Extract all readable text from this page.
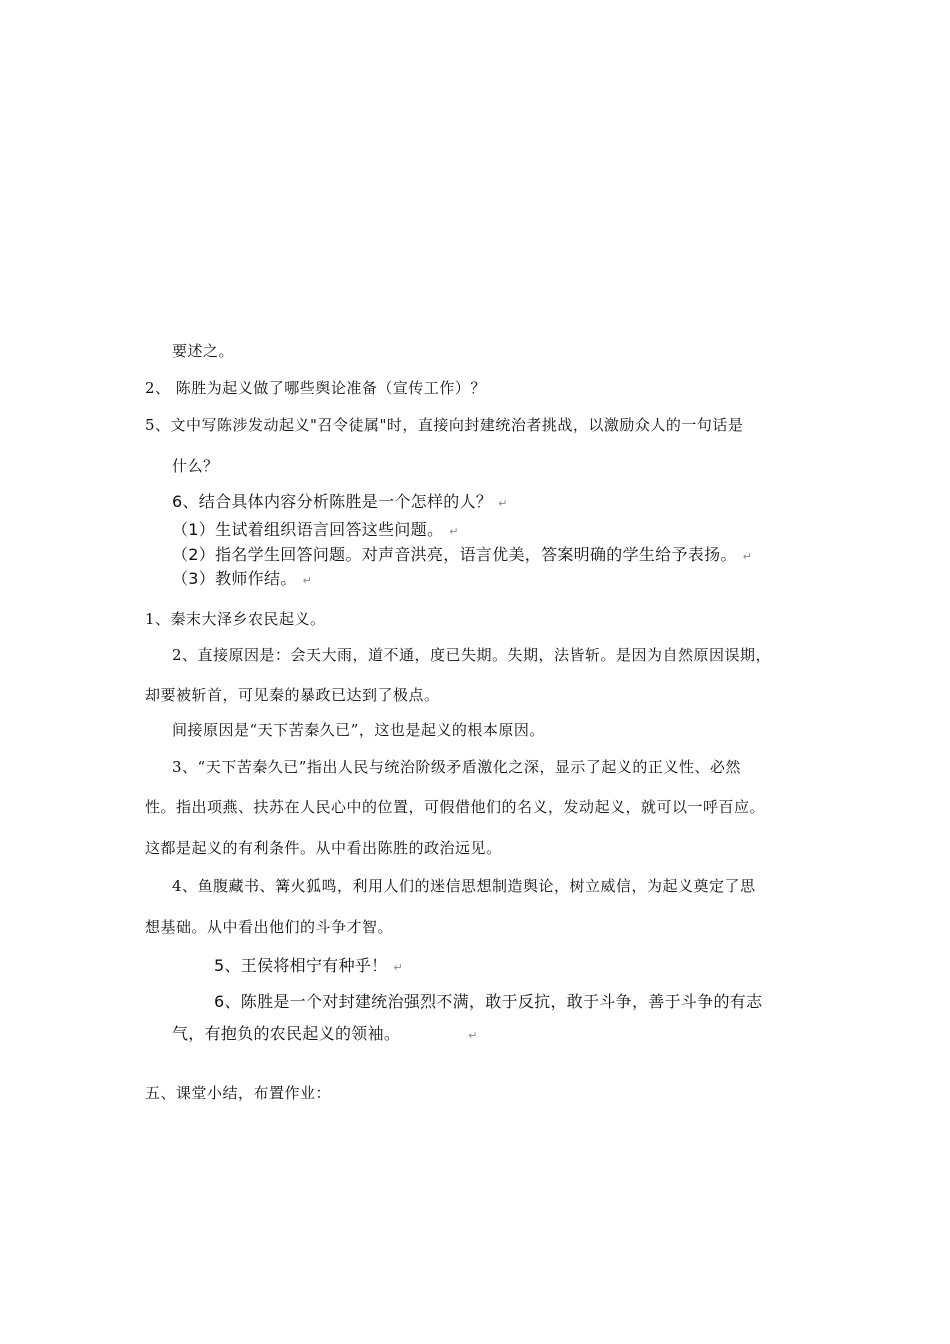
要述之。
2、 陈胜为起义做了哪些舆论准备（宣传工作）？
5、文中写陈涉发动起义"召令徒属"时，直接向封建统治者挑战，以激励众人的一句话是
什么？
6、结合具体内容分析陈胜是一个怎样的人？ ↵
（1）生试着组织语言回答这些问题。 ↵
（2）指名学生回答问题。对声音洪亮，语言优美，答案明确的学生给予表扬。 ↵
（3）教师作结。 ↵
1、秦末大泽乡农民起义。
2、直接原因是：会天大雨，道不通，度已失期。失期，法皆斩。是因为自然原因误期，
却要被斩首，可见秦的暴政已达到了极点。
间接原因是“天下苦秦久已”，这也是起义的根本原因。
3、“天下苦秦久已”指出人民与统治阶级矛盾激化之深，显示了起义的正义性、必然
性。指出项燕、扶苏在人民心中的位置，可假借他们的名义，发动起义，就可以一呼百应。
这都是起义的有利条件。从中看出陈胜的政治远见。
4、鱼腹藏书、篝火狐鸣，利用人们的迷信思想制造舆论，树立威信，为起义奠定了思
想基础。从中看出他们的斗争才智。
5、王侯将相宁有种乎！ ↵
6、陈胜是一个对封建统治强烈不满，敢于反抗，敢于斗争，善于斗争的有志
气，有抱负的农民起义的领袖。	↵
五、课堂小结，布置作业：
